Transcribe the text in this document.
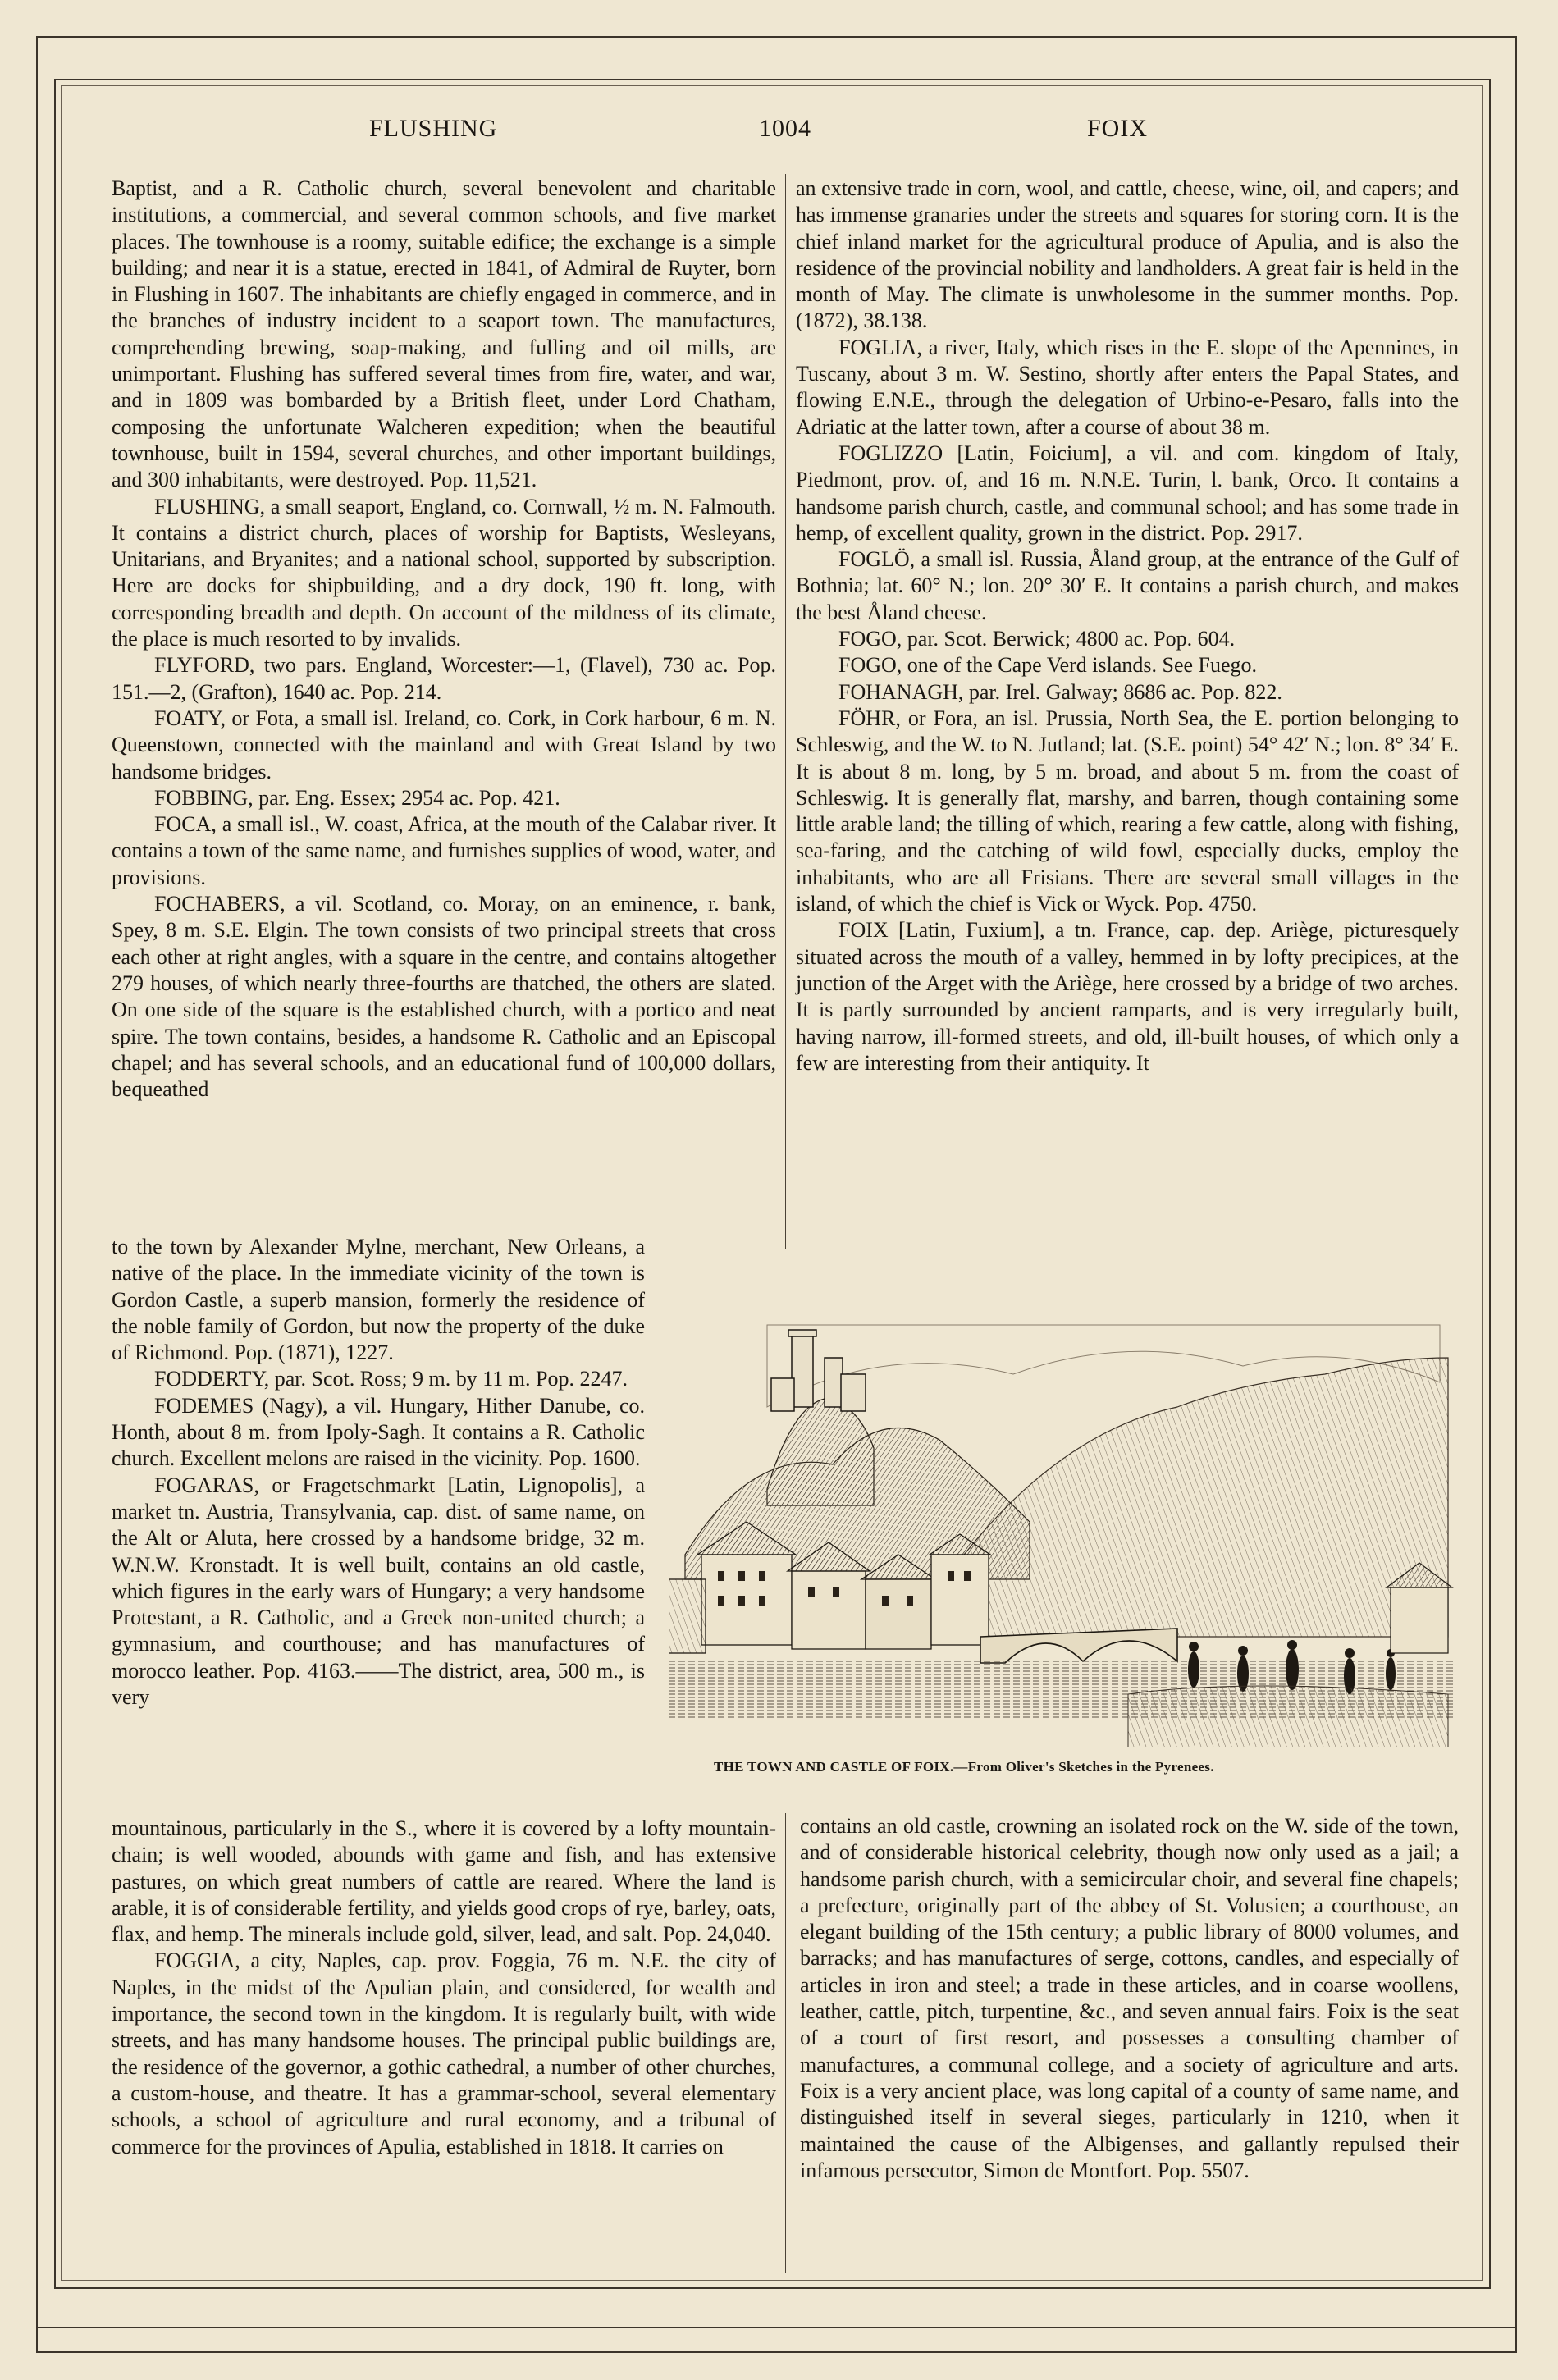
FLUSHING	1004	FOIX

Baptist, and a R. Catholic church, several benevolent and charitable institutions, a commercial, and several common schools, and five market places. The townhouse is a roomy, suitable edifice; the exchange is a simple building; and near it is a statue, erected in 1841, of Admiral de Ruyter, born in Flushing in 1607. The inhabitants are chiefly engaged in commerce, and in the branches of industry incident to a seaport town. The manufactures, comprehending brewing, soap-making, and fulling and oil mills, are unimportant. Flushing has suffered several times from fire, water, and war, and in 1809 was bombarded by a British fleet, under Lord Chatham, composing the unfortunate Walcheren expedition; when the beautiful townhouse, built in 1594, several churches, and other important buildings, and 300 inhabitants, were destroyed. Pop. 11,521.

FLUSHING, a small seaport, England, co. Cornwall, ½ m. N. Falmouth. It contains a district church, places of worship for Baptists, Wesleyans, Unitarians, and Bryanites; and a national school, supported by subscription. Here are docks for shipbuilding, and a dry dock, 190 ft. long, with corresponding breadth and depth. On account of the mildness of its climate, the place is much resorted to by invalids.

FLYFORD, two pars. England, Worcester:—1, (Flavel), 730 ac. Pop. 151.—2, (Grafton), 1640 ac. Pop. 214.

FOATY, or Fota, a small isl. Ireland, co. Cork, in Cork harbour, 6 m. N. Queenstown, connected with the mainland and with Great Island by two handsome bridges.

FOBBING, par. Eng. Essex; 2954 ac. Pop. 421.

FOCA, a small isl., W. coast, Africa, at the mouth of the Calabar river. It contains a town of the same name, and furnishes supplies of wood, water, and provisions.

FOCHABERS, a vil. Scotland, co. Moray, on an eminence, r. bank, Spey, 8 m. S.E. Elgin. The town consists of two principal streets that cross each other at right angles, with a square in the centre, and contains altogether 279 houses, of which nearly three-fourths are thatched, the others are slated. On one side of the square is the established church, with a portico and neat spire. The town contains, besides, a handsome R. Catholic and an Episcopal chapel; and has several schools, and an educational fund of 100,000 dollars, bequeathed

to the town by Alexander Mylne, merchant, New Orleans, a native of the place. In the immediate vicinity of the town is Gordon Castle, a superb mansion, formerly the residence of the noble family of Gordon, but now the property of the duke of Richmond. Pop. (1871), 1227.

FODDERTY, par. Scot. Ross; 9 m. by 11 m. Pop. 2247.

FODEMES (Nagy), a vil. Hungary, Hither Danube, co. Honth, about 8 m. from Ipoly-Sagh. It contains a R. Catholic church. Excellent melons are raised in the vicinity. Pop. 1600.

FOGARAS, or Fragetschmarkt [Latin, Lignopolis], a market tn. Austria, Transylvania, cap. dist. of same name, on the Alt or Aluta, here crossed by a handsome bridge, 32 m. W.N.W. Kronstadt. It is well built, contains an old castle, which figures in the early wars of Hungary; a very handsome Protestant, a R. Catholic, and a Greek non-united church; a gymnasium, and courthouse; and has manufactures of morocco leather. Pop. 4163.——The district, area, 500 m., is very

mountainous, particularly in the S., where it is covered by a lofty mountain-chain; is well wooded, abounds with game and fish, and has extensive pastures, on which great numbers of cattle are reared. Where the land is arable, it is of considerable fertility, and yields good crops of rye, barley, oats, flax, and hemp. The minerals include gold, silver, lead, and salt. Pop. 24,040.

FOGGIA, a city, Naples, cap. prov. Foggia, 76 m. N.E. the city of Naples, in the midst of the Apulian plain, and considered, for wealth and importance, the second town in the kingdom. It is regularly built, with wide streets, and has many handsome houses. The principal public buildings are, the residence of the governor, a gothic cathedral, a number of other churches, a custom-house, and theatre. It has a grammar-school, several elementary schools, a school of agriculture and rural economy, and a tribunal of commerce for the provinces of Apulia, established in 1818. It carries on

an extensive trade in corn, wool, and cattle, cheese, wine, oil, and capers; and has immense granaries under the streets and squares for storing corn. It is the chief inland market for the agricultural produce of Apulia, and is also the residence of the provincial nobility and landholders. A great fair is held in the month of May. The climate is unwholesome in the summer months. Pop. (1872), 38.138.

FOGLIA, a river, Italy, which rises in the E. slope of the Apennines, in Tuscany, about 3 m. W. Sestino, shortly after enters the Papal States, and flowing E.N.E., through the delegation of Urbino-e-Pesaro, falls into the Adriatic at the latter town, after a course of about 38 m.

FOGLIZZO [Latin, Foicium], a vil. and com. kingdom of Italy, Piedmont, prov. of, and 16 m. N.N.E. Turin, l. bank, Orco. It contains a handsome parish church, castle, and communal school; and has some trade in hemp, of excellent quality, grown in the district. Pop. 2917.

FOGLÖ, a small isl. Russia, Åland group, at the entrance of the Gulf of Bothnia; lat. 60° N.; lon. 20° 30′ E. It contains a parish church, and makes the best Åland cheese.

FOGO, par. Scot. Berwick; 4800 ac. Pop. 604.

FOGO, one of the Cape Verd islands. See Fuego.

FOHANAGH, par. Irel. Galway; 8686 ac. Pop. 822.

FÖHR, or Fora, an isl. Prussia, North Sea, the E. portion belonging to Schleswig, and the W. to N. Jutland; lat. (S.E. point) 54° 42′ N.; lon. 8° 34′ E. It is about 8 m. long, by 5 m. broad, and about 5 m. from the coast of Schleswig. It is generally flat, marshy, and barren, though containing some little arable land; the tilling of which, rearing a few cattle, along with fishing, sea-faring, and the catching of wild fowl, especially ducks, employ the inhabitants, who are all Frisians. There are several small villages in the island, of which the chief is Vick or Wyck. Pop. 4750.

FOIX [Latin, Fuxium], a tn. France, cap. dep. Ariège, picturesquely situated across the mouth of a valley, hemmed in by lofty precipices, at the junction of the Arget with the Ariège, here crossed by a bridge of two arches. It is partly surrounded by ancient ramparts, and is very irregularly built, having narrow, ill-formed streets, and old, ill-built houses, of which only a few are interesting from their antiquity. It

contains an old castle, crowning an isolated rock on the W. side of the town, and of considerable historical celebrity, though now only used as a jail; a handsome parish church, with a semicircular choir, and several fine chapels; a prefecture, originally part of the abbey of St. Volusien; a courthouse, an elegant building of the 15th century; a public library of 8000 volumes, and barracks; and has manufactures of serge, cottons, candles, and especially of articles in iron and steel; a trade in these articles, and in coarse woollens, leather, cattle, pitch, turpentine, &c., and seven annual fairs. Foix is the seat of a court of first resort, and possesses a consulting chamber of manufactures, a communal college, and a society of agriculture and arts. Foix is a very ancient place, was long capital of a county of same name, and distinguished itself in several sieges, particularly in 1210, when it maintained the cause of the Albigenses, and gallantly repulsed their infamous persecutor, Simon de Montfort. Pop. 5507.

THE TOWN AND CASTLE OF FOIX.—From Oliver's Sketches in the Pyrenees.
